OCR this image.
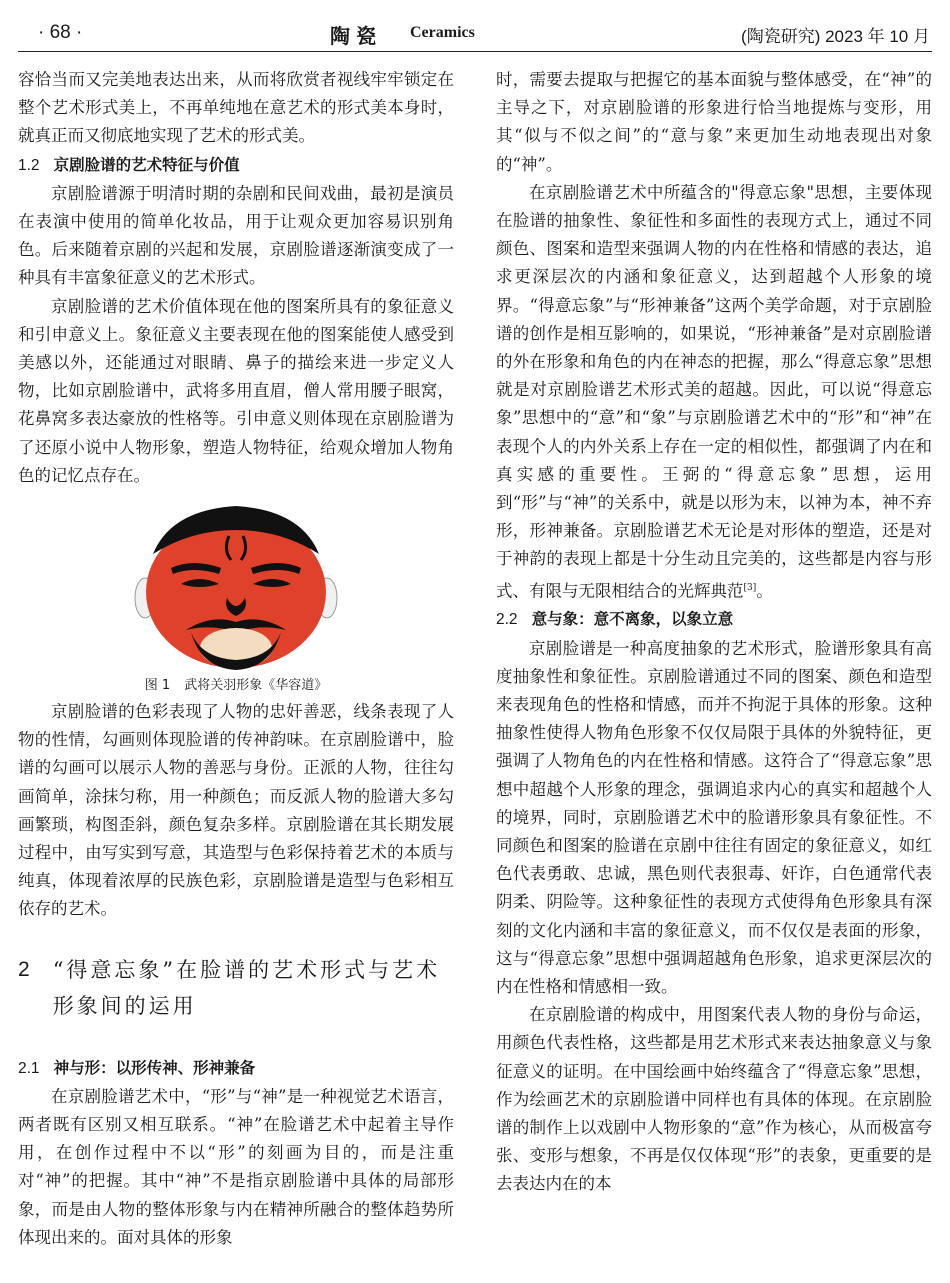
· 68 ·	陶瓷 Ceramics	(陶瓷研究) 2023 年 10 月

容恰当而又完美地表达出来，从而将欣赏者视线牢牢锁定在整个艺术形式美上，不再单纯地在意艺术的形式美本身时，就真正而又彻底地实现了艺术的形式美。

1.2 京剧脸谱的艺术特征与价值

京剧脸谱源于明清时期的杂剧和民间戏曲，最初是演员在表演中使用的简单化妆品，用于让观众更加容易识别角色。后来随着京剧的兴起和发展，京剧脸谱逐渐演变成了一种具有丰富象征意义的艺术形式。

京剧脸谱的艺术价值体现在他的图案所具有的象征意义和引申意义上。象征意义主要表现在他的图案能使人感受到美感以外，还能通过对眼睛、鼻子的描绘来进一步定义人物，比如京剧脸谱中，武将多用直眉，僧人常用腰子眼窝，花鼻窝多表达豪放的性格等。引申意义则体现在京剧脸谱为了还原小说中人物形象，塑造人物特征，给观众增加人物角色的记忆点存在。

图 1 武将关羽形象《华容道》

京剧脸谱的色彩表现了人物的忠奸善恶，线条表现了人物的性情，勾画则体现脸谱的传神韵味。在京剧脸谱中，脸谱的勾画可以展示人物的善恶与身份。正派的人物，往往勾画简单，涂抹匀称，用一种颜色；而反派人物的脸谱大多勾画繁琐，构图歪斜，颜色复杂多样。京剧脸谱在其长期发展过程中，由写实到写意，其造型与色彩保持着艺术的本质与纯真，体现着浓厚的民族色彩，京剧脸谱是造型与色彩相互依存的艺术。

2 “得意忘象”在脸谱的艺术形式与艺术形象间的运用
2.1 神与形：以形传神、形神兼备

在京剧脸谱艺术中，“形”与“神”是一种视觉艺术语言，两者既有区别又相互联系。“神”在脸谱艺术中起着主导作用，在创作过程中不以“形”的刻画为目的，而是注重对“神”的把握。其中“神”不是指京剧脸谱中具体的局部形象，而是由人物的整体形象与内在精神所融合的整体趋势所体现出来的。面对具体的形象

时，需要去提取与把握它的基本面貌与整体感受，在“神”的主导之下，对京剧脸谱的形象进行恰当地提炼与变形，用其“似与不似之间”的“意与象”来更加生动地表现出对象的“神”。

在京剧脸谱艺术中所蕴含的"得意忘象"思想，主要体现在脸谱的抽象性、象征性和多面性的表现方式上，通过不同颜色、图案和造型来强调人物的内在性格和情感的表达，追求更深层次的内涵和象征意义，达到超越个人形象的境界。“得意忘象”与“形神兼备”这两个美学命题，对于京剧脸谱的创作是相互影响的，如果说，“形神兼备”是对京剧脸谱的外在形象和角色的内在神态的把握，那么“得意忘象”思想就是对京剧脸谱艺术形式美的超越。因此，可以说“得意忘象”思想中的“意”和“象”与京剧脸谱艺术中的“形”和“神”在表现个人的内外关系上存在一定的相似性，都强调了内在和真实感的重要性。王弼的“得意忘象”思想，运用到“形”与“神”的关系中，就是以形为末，以神为本，神不弃形，形神兼备。京剧脸谱艺术无论是对形体的塑造，还是对于神韵的表现上都是十分生动且完美的，这些都是内容与形式、有限与无限相结合的光辉典范[3]。

2.2 意与象：意不离象，以象立意

京剧脸谱是一种高度抽象的艺术形式，脸谱形象具有高度抽象性和象征性。京剧脸谱通过不同的图案、颜色和造型来表现角色的性格和情感，而并不拘泥于具体的形象。这种抽象性使得人物角色形象不仅仅局限于具体的外貌特征，更强调了人物角色的内在性格和情感。这符合了“得意忘象”思想中超越个人形象的理念，强调追求内心的真实和超越个人的境界，同时，京剧脸谱艺术中的脸谱形象具有象征性。不同颜色和图案的脸谱在京剧中往往有固定的象征意义，如红色代表勇敢、忠诚，黑色则代表狠毒、奸诈，白色通常代表阴柔、阴险等。这种象征性的表现方式使得角色形象具有深刻的文化内涵和丰富的象征意义，而不仅仅是表面的形象，这与“得意忘象”思想中强调超越角色形象，追求更深层次的内在性格和情感相一致。

在京剧脸谱的构成中，用图案代表人物的身份与命运，用颜色代表性格，这些都是用艺术形式来表达抽象意义与象征意义的证明。在中国绘画中始终蕴含了“得意忘象”思想，作为绘画艺术的京剧脸谱中同样也有具体的体现。在京剧脸谱的制作上以戏剧中人物形象的“意”作为核心，从而极富夸张、变形与想象，不再是仅仅体现“形”的表象，更重要的是去表达内在的本
